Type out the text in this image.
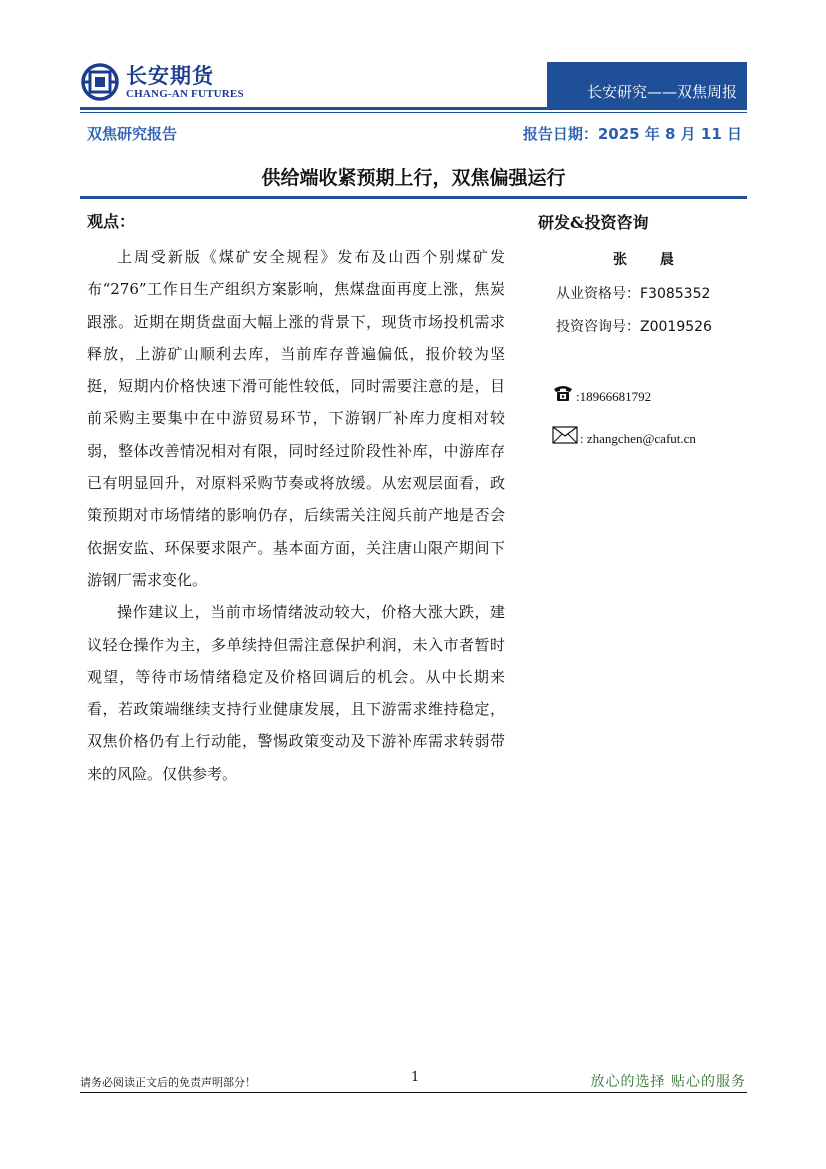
长安期货
CHANG-AN FUTURES	长安研究——双焦周报
双焦研究报告	报告日期：2025 年 8 月 11 日
供给端收紧预期上行，双焦偏强运行
观点：

上周受新版《煤矿安全规程》发布及山西个别煤矿发布“276”工作日生产组织方案影响，焦煤盘面再度上涨，焦炭跟涨。近期在期货盘面大幅上涨的背景下，现货市场投机需求释放，上游矿山顺利去库，当前库存普遍偏低，报价较为坚挺，短期内价格快速下滑可能性较低，同时需要注意的是，目前采购主要集中在中游贸易环节，下游钢厂补库力度相对较弱，整体改善情况相对有限，同时经过阶段性补库，中游库存已有明显回升，对原料采购节奏或将放缓。从宏观层面看，政策预期对市场情绪的影响仍存，后续需关注阅兵前产地是否会依据安监、环保要求限产。基本面方面，关注唐山限产期间下游钢厂需求变化。

操作建议上，当前市场情绪波动较大，价格大涨大跌，建议轻仓操作为主，多单续持但需注意保护利润，未入市者暂时观望，等待市场情绪稳定及价格回调后的机会。从中长期来看，若政策端继续支持行业健康发展，且下游需求维持稳定，双焦价格仍有上行动能，警惕政策变动及下游补库需求转弱带来的风险。仅供参考。

研发&投资咨询
张 晨
从业资格号：F3085352
投资咨询号：Z0019526
:18966681792
: zhangchen@cafut.cn
请务必阅读正文后的免责声明部分！	1	放心的选择 贴心的服务
